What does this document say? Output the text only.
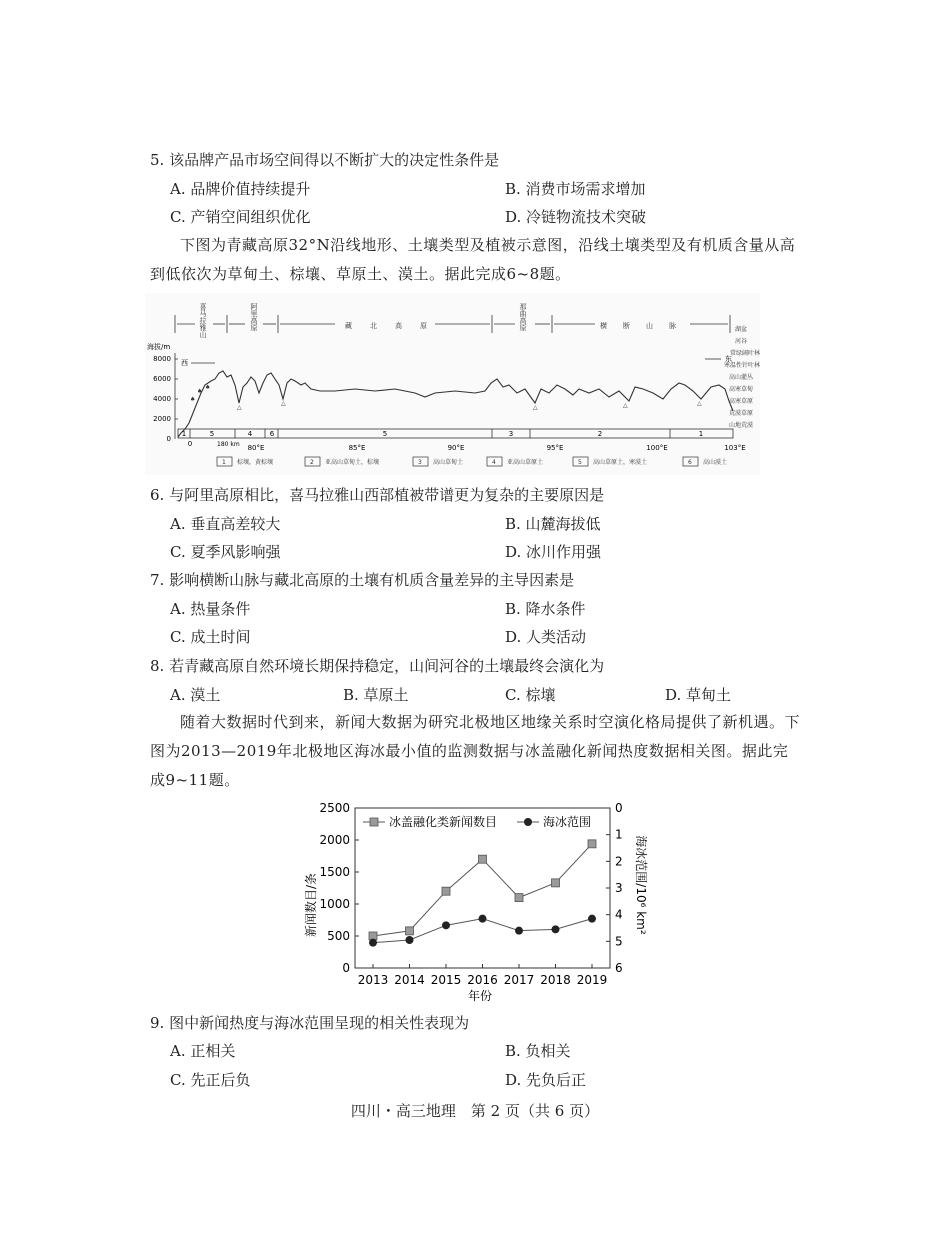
5. 该品牌产品市场空间得以不断扩大的决定性条件是
A. 品牌价值持续提升	B. 消费市场需求增加
C. 产销空间组织优化	D. 冷链物流技术突破
下图为青藏高原32°N沿线地形、土壤类型及植被示意图，沿线土壤类型及有机质含量从高到低依次为草甸土、棕壤、草原土、漠土。据此完成6~8题。
喜马拉雅山	阿里高原	藏北高原	那曲高原	横断山脉
海拔/m
8000
6000
4000
2000
0
西	东
♠
♠
♠
△
△
△	△	△
湖盆
河谷
常绿阔叶林
寒温性针叶林
高山灌丛
高寒草甸
高寒草原
荒漠草原
山地荒漠
1	5	4	6	5	3	2	1
0	80°E	85°E	90°E	95°E	100°E	103°E
180 km
1 棕壤，黄棕壤	2 亚高山草甸土，棕壤	3 高山草甸土	4 亚高山草原土	5 高山草原土，寒漠土	6 高山漠土
6. 与阿里高原相比，喜马拉雅山西部植被带谱更为复杂的主要原因是
A. 垂直高差较大	B. 山麓海拔低
C. 夏季风影响强	D. 冰川作用强
7. 影响横断山脉与藏北高原的土壤有机质含量差异的主导因素是
A. 热量条件	B. 降水条件
C. 成土时间	D. 人类活动
8. 若青藏高原自然环境长期保持稳定，山间河谷的土壤最终会演化为
A. 漠土	B. 草原土	C. 棕壤	D. 草甸土
随着大数据时代到来，新闻大数据为研究北极地区地缘关系时空演化格局提供了新机遇。下图为2013—2019年北极地区海冰最小值的监测数据与冰盖融化新闻热度数据相关图。据此完成9~11题。
0
500
1000
1500
2000
2500	0
1
2
3
4
5
6
2013 2014 2015 2016 2017 2018 2019
新闻数目/条	海冰范围/10⁶ km²
年份
冰盖融化类新闻数目	海冰范围
9. 图中新闻热度与海冰范围呈现的相关性表现为
A. 正相关	B. 负相关
C. 先正后负	D. 先负后正
四川・高三地理　第 2 页（共 6 页）
